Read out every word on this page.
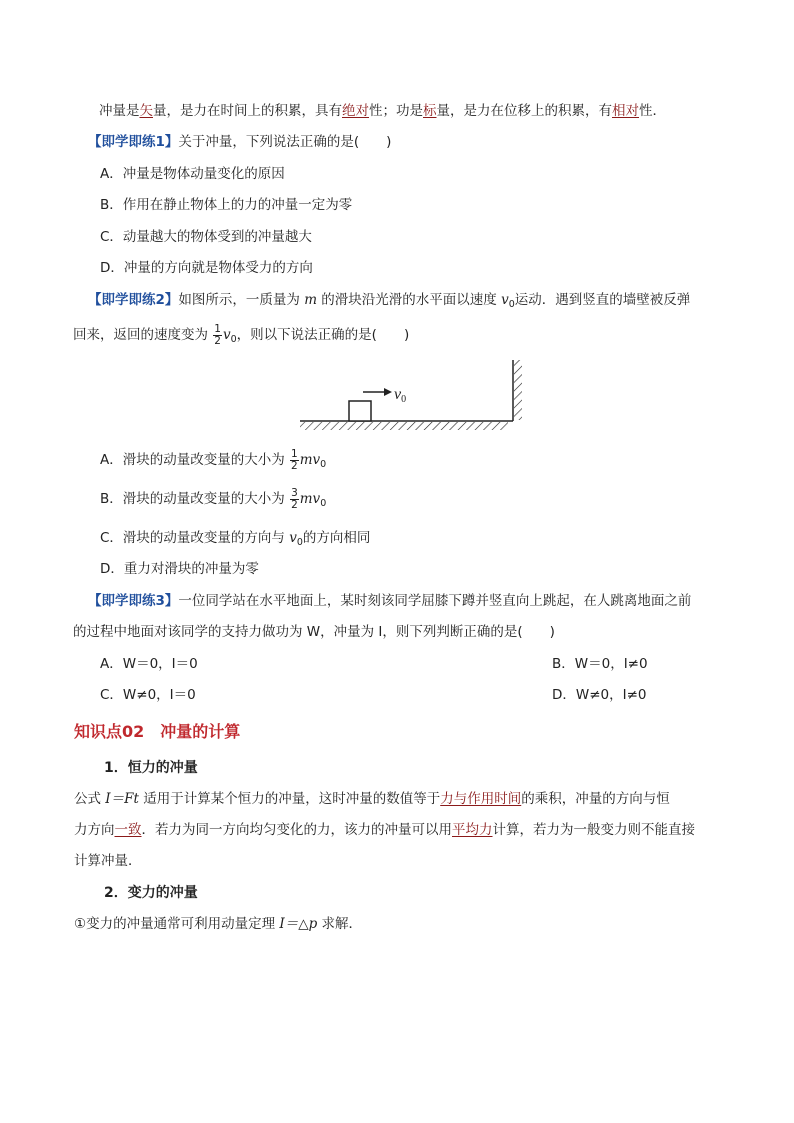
冲量是矢量，是力在时间上的积累，具有绝对性；功是标量，是力在位移上的积累，有相对性．
【即学即练1】关于冲量，下列说法正确的是(　　)
A．冲量是物体动量变化的原因
B．作用在静止物体上的力的冲量一定为零
C．动量越大的物体受到的冲量越大
D．冲量的方向就是物体受力的方向
【即学即练2】如图所示，一质量为 m 的滑块沿光滑的水平面以速度 $v_0$运动．遇到竖直的墙壁被反弹
回来，返回的速度变为 $\frac{1}{2} v_0$，则以下说法正确的是(　　)
v0
A．滑块的动量改变量的大小为 $\frac{1}{2} mv_0$
B．滑块的动量改变量的大小为 $\frac{3}{2} mv_0$
C．滑块的动量改变量的方向与 $v_0$的方向相同
D．重力对滑块的冲量为零
【即学即练3】一位同学站在水平地面上，某时刻该同学屈膝下蹲并竖直向上跳起，在人跳离地面之前
的过程中地面对该同学的支持力做功为 W，冲量为 I，则下列判断正确的是(　　)
A．W＝0，I＝0	B．W＝0，I≠0
C．W≠0，I＝0	D．W≠0，I≠0
知识点02　冲量的计算
1．恒力的冲量
公式 I＝Ft 适用于计算某个恒力的冲量，这时冲量的数值等于力与作用时间的乘积，冲量的方向与恒
力方向一致．若力为同一方向均匀变化的力，该力的冲量可以用平均力计算，若力为一般变力则不能直接
计算冲量．
2．变力的冲量
①变力的冲量通常可利用动量定理 I＝△p 求解．
